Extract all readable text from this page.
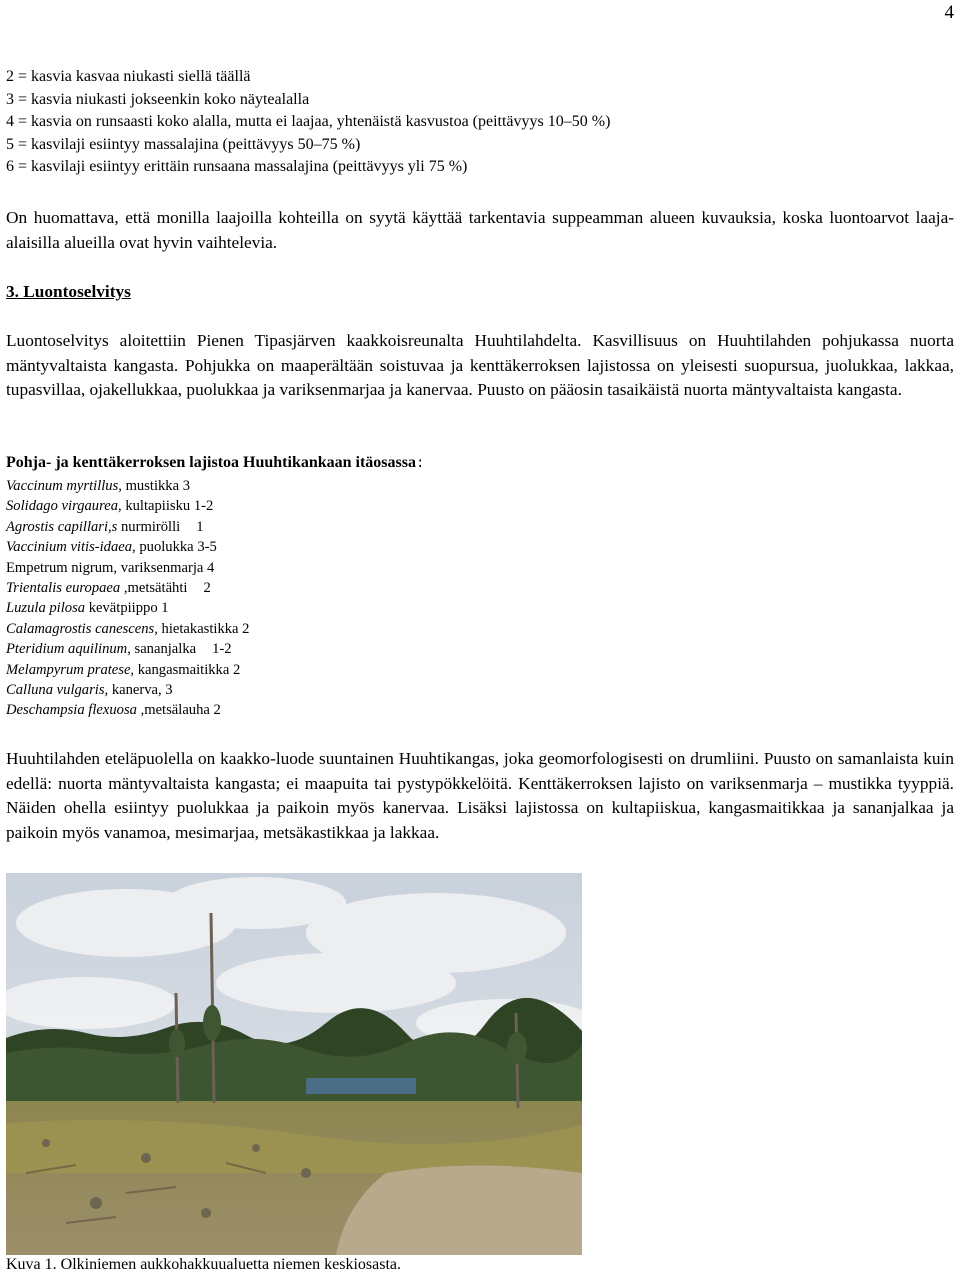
4
2 = kasvia kasvaa niukasti siellä täällä
3 = kasvia niukasti jokseenkin koko näytealalla
4 = kasvia on runsaasti koko alalla, mutta ei laajaa, yhtenäistä kasvustoa (peittävyys 10–50 %)
5 = kasvilaji esiintyy massalajina (peittävyys 50–75 %)
6 = kasvilaji esiintyy erittäin runsaana massalajina (peittävyys yli 75 %)
On huomattava, että monilla laajoilla kohteilla on syytä käyttää tarkentavia suppeamman alueen kuvauksia, koska luontoarvot laaja-alaisilla alueilla ovat hyvin vaihtelevia.
3. Luontoselvitys
Luontoselvitys aloitettiin Pienen Tipasjärven kaakkoisreunalta Huuhtilahdelta. Kasvillisuus on Huuhtilahden pohjukassa nuorta mäntyvaltaista kangasta. Pohjukka on maaperältään soistuvaa ja kenttäkerroksen lajistossa on yleisesti suopursua, juolukkaa, lakkaa, tupasvillaa, ojakellukkaa, puolukkaa ja variksenmarjaa ja kanervaa. Puusto on pääosin tasaikäistä nuorta mäntyvaltaista kangasta.
Pohja- ja kenttäkerroksen lajistoa Huuhtikankaan itäosassa:
Vaccinum myrtillus, mustikka 3
Solidago virgaurea, kultapiisku 1-2
Agrostis capillari,s nurmirölli 1
Vaccinium vitis-idaea, puolukka 3-5
Empetrum nigrum, variksenmarja 4
Trientalis europaea ,metsätähti 2
Luzula pilosa kevätpiippo 1
Calamagrostis canescens, hietakastikka 2
Pteridium aquilinum, sananjalka 1-2
Melampyrum pratese, kangasmaitikka 2
Calluna vulgaris, kanerva, 3
Deschampsia flexuosa ,metsälauha 2
Huuhtilahden eteläpuolella on kaakko-luode suuntainen Huuhtikangas, joka geomorfologisesti on drumliini. Puusto on samanlaista kuin edellä: nuorta mäntyvaltaista kangasta; ei maapuita tai pystypökkelöitä. Kenttäkerroksen lajisto on variksenmarja – mustikka tyyppiä. Näiden ohella esiintyy puolukkaa ja paikoin myös kanervaa. Lisäksi lajistossa on kultapiiskua, kangasmaitikkaa ja sananjalkaa ja paikoin myös vanamoa, mesimarjaa, metsäkastikkaa ja lakkaa.
Kuva 1. Olkiniemen aukkohakkuualuetta niemen keskiosasta.
